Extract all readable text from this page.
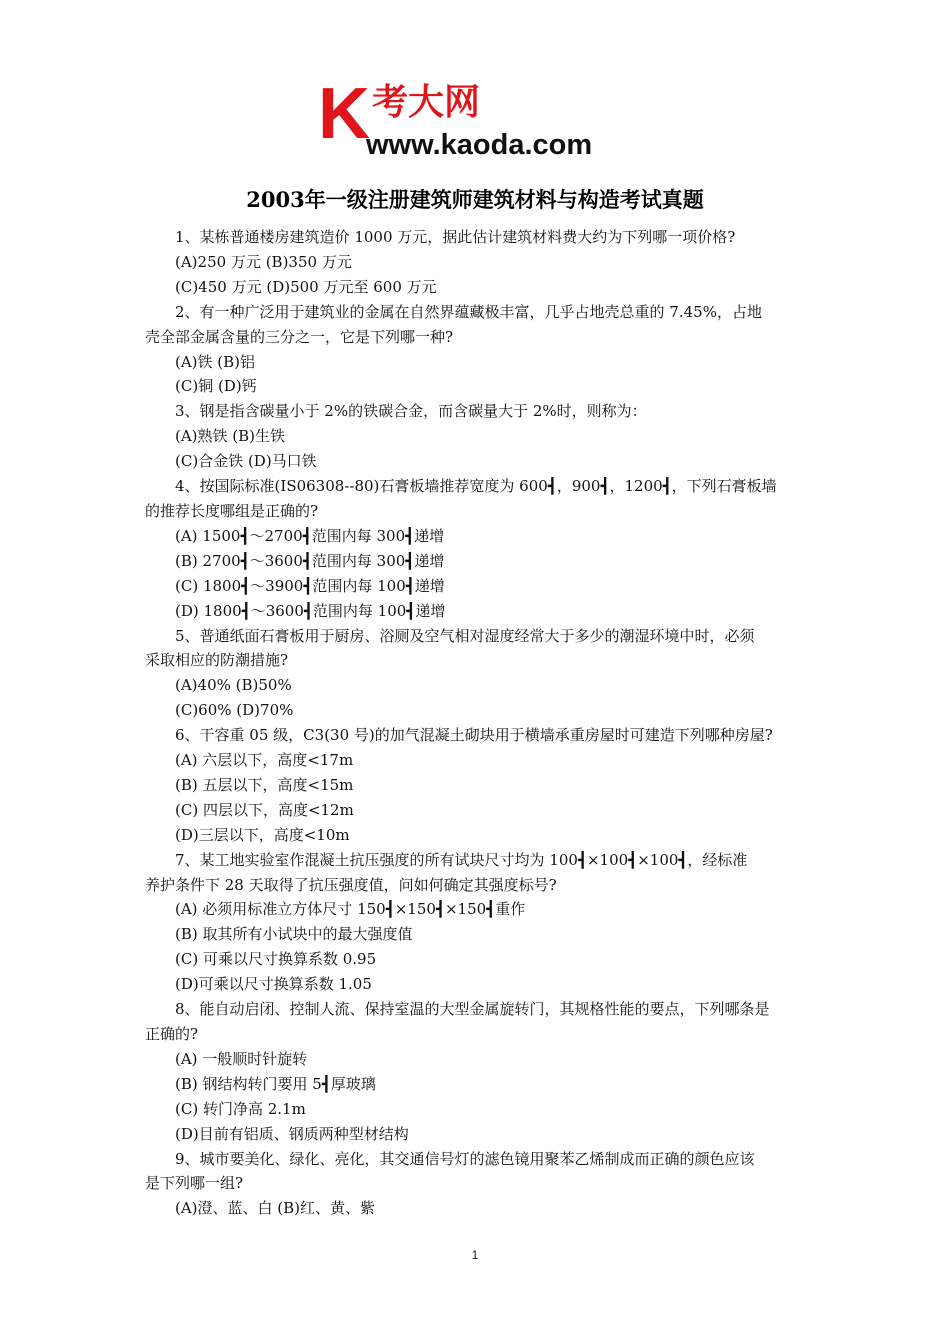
K 考大网
www.kaoda.com
2003年一级注册建筑师建筑材料与构造考试真题
1、某栋普通楼房建筑造价 1000 万元，据此估计建筑材料费大约为下列哪一项价格?
(A)250 万元 (B)350 万元
(C)450 万元 (D)500 万元至 600 万元
2、有一种广泛用于建筑业的金属在自然界蕴藏极丰富，几乎占地壳总重的 7.45%，占地
壳全部金属含量的三分之一，它是下列哪一种?
(A)铁 (B)铝
(C)铜 (D)钙
3、钢是指含碳量小于 2%的铁碳合金，而含碳量大于 2%时，则称为：
(A)熟铁 (B)生铁
(C)合金铁 (D)马口铁
4、按国际标准(IS06308--80)石膏板墙推荐宽度为 600┫，900┫，1200┫，下列石膏板墙
的推荐长度哪组是正确的?
(A) 1500┫～2700┫范围内每 300┫递增
(B) 2700┫～3600┫范围内每 300┫递增
(C) 1800┫～3900┫范围内每 100┫递增
(D) 1800┫～3600┫范围内每 100┫递增
5、普通纸面石膏板用于厨房、浴厕及空气相对湿度经常大于多少的潮湿环境中时，必须
采取相应的防潮措施?
(A)40% (B)50%
(C)60% (D)70%
6、干容重 05 级，C3(30 号)的加气混凝土砌块用于横墙承重房屋时可建造下列哪种房屋?
(A) 六层以下，高度<17m
(B) 五层以下，高度<15m
(C) 四层以下，高度<12m
(D)三层以下，高度<10m
7、某工地实验室作混凝土抗压强度的所有试块尺寸均为 100┫×100┫×100┫，经标准
养护条件下 28 天取得了抗压强度值，问如何确定其强度标号?
(A) 必须用标准立方体尺寸 150┫×150┫×150┫重作
(B) 取其所有小试块中的最大强度值
(C) 可乘以尺寸换算系数 0.95
(D)可乘以尺寸换算系数 1.05
8、能自动启闭、控制人流、保持室温的大型金属旋转门，其规格性能的要点，下列哪条是
正确的?
(A) 一般顺时针旋转
(B) 钢结构转门要用 5┫厚玻璃
(C) 转门净高 2.1m
(D)目前有铝质、钢质两种型材结构
9、城市要美化、绿化、亮化，其交通信号灯的滤色镜用聚苯乙烯制成而正确的颜色应该
是下列哪一组?
(A)澄、蓝、白 (B)红、黄、紫
1
